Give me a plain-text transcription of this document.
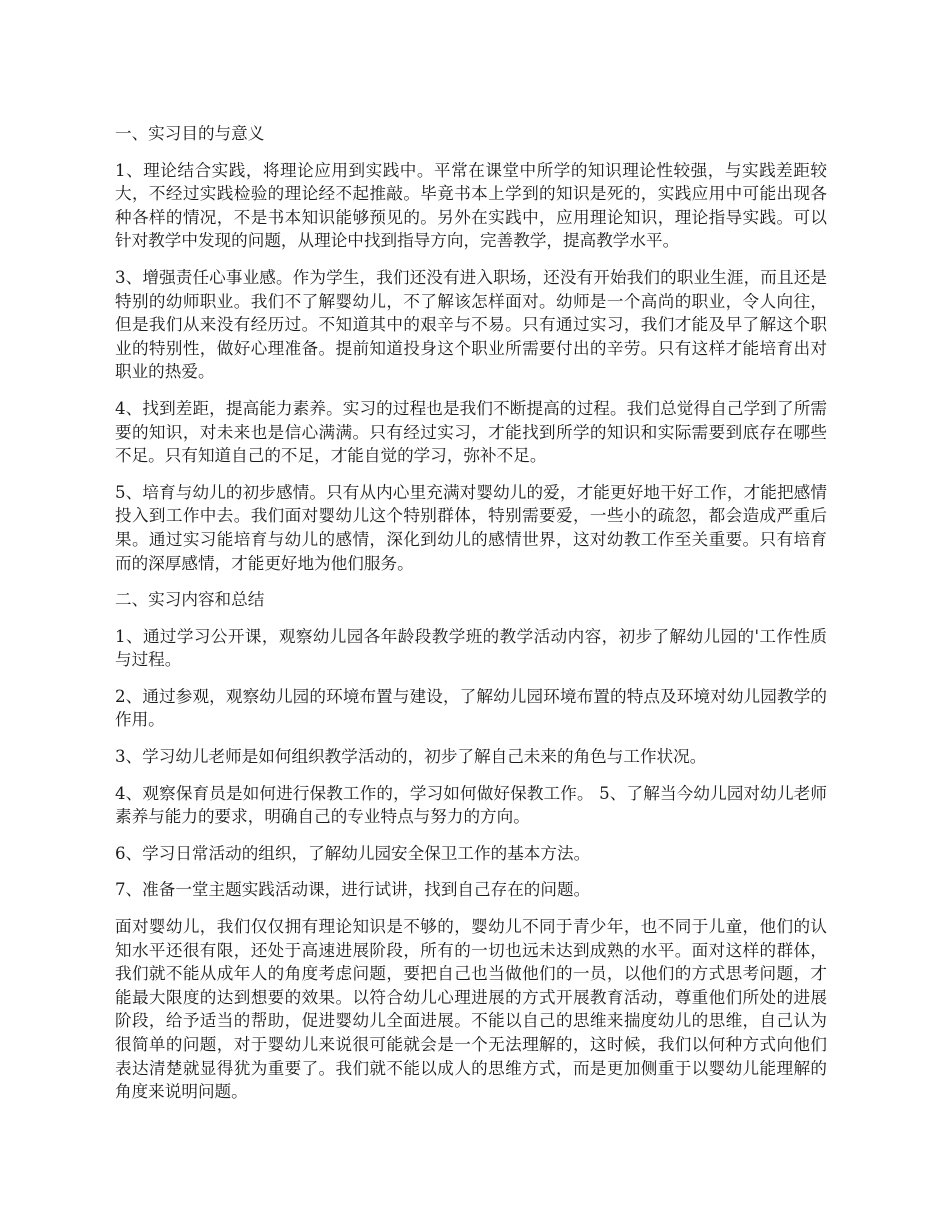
一、实习目的与意义

1、理论结合实践，将理论应用到实践中。平常在课堂中所学的知识理论性较强，与实践差距较大，不经过实践检验的理论经不起推敲。毕竟书本上学到的知识是死的，实践应用中可能出现各种各样的情况，不是书本知识能够预见的。另外在实践中，应用理论知识，理论指导实践。可以针对教学中发现的问题，从理论中找到指导方向，完善教学，提高教学水平。

3、增强责任心事业感。作为学生，我们还没有进入职场，还没有开始我们的职业生涯，而且还是特别的幼师职业。我们不了解婴幼儿，不了解该怎样面对。幼师是一个高尚的职业，令人向往，但是我们从来没有经历过。不知道其中的艰辛与不易。只有通过实习，我们才能及早了解这个职业的特别性，做好心理准备。提前知道投身这个职业所需要付出的辛劳。只有这样才能培育出对职业的热爱。

4、找到差距，提高能力素养。实习的过程也是我们不断提高的过程。我们总觉得自己学到了所需要的知识，对未来也是信心满满。只有经过实习，才能找到所学的知识和实际需要到底存在哪些不足。只有知道自己的不足，才能自觉的学习，弥补不足。

5、培育与幼儿的初步感情。只有从内心里充满对婴幼儿的爱，才能更好地干好工作，才能把感情投入到工作中去。我们面对婴幼儿这个特别群体，特别需要爱，一些小的疏忽，都会造成严重后果。通过实习能培育与幼儿的感情，深化到幼儿的感情世界，这对幼教工作至关重要。只有培育而的深厚感情，才能更好地为他们服务。

二、实习内容和总结

1、通过学习公开课，观察幼儿园各年龄段教学班的教学活动内容，初步了解幼儿园的'工作性质与过程。

2、通过参观，观察幼儿园的环境布置与建设，了解幼儿园环境布置的特点及环境对幼儿园教学的作用。

3、学习幼儿老师是如何组织教学活动的，初步了解自己未来的角色与工作状况。

4、观察保育员是如何进行保教工作的，学习如何做好保教工作。 5、了解当今幼儿园对幼儿老师素养与能力的要求，明确自己的专业特点与努力的方向。

6、学习日常活动的组织，了解幼儿园安全保卫工作的基本方法。

7、准备一堂主题实践活动课，进行试讲，找到自己存在的问题。

面对婴幼儿，我们仅仅拥有理论知识是不够的，婴幼儿不同于青少年，也不同于儿童，他们的认知水平还很有限，还处于高速进展阶段，所有的一切也远未达到成熟的水平。面对这样的群体，我们就不能从成年人的角度考虑问题，要把自己也当做他们的一员，以他们的方式思考问题，才能最大限度的达到想要的效果。以符合幼儿心理进展的方式开展教育活动，尊重他们所处的进展阶段，给予适当的帮助，促进婴幼儿全面进展。不能以自己的思维来揣度幼儿的思维，自己认为很简单的问题，对于婴幼儿来说很可能就会是一个无法理解的，这时候，我们以何种方式向他们表达清楚就显得犹为重要了。我们就不能以成人的思维方式，而是更加侧重于以婴幼儿能理解的角度来说明问题。
